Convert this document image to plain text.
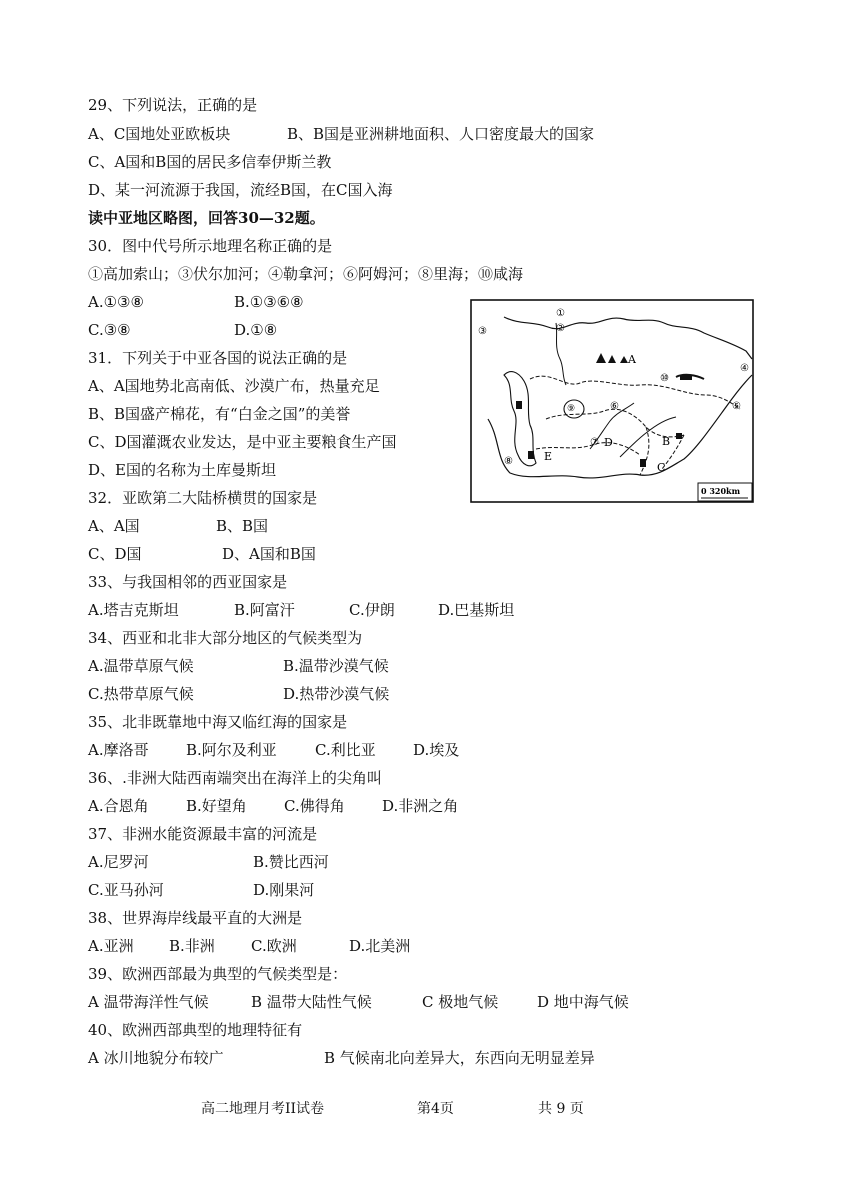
29、下列说法，正确的是
A、C国地处亚欧板块	B、B国是亚洲耕地面积、人口密度最大的国家
C、A国和B国的居民多信奉伊斯兰教
D、某一河流源于我国，流经B国，在C国入海
读中亚地区略图，回答30—32题。
30．图中代号所示地理名称正确的是
①高加索山；③伏尔加河；④勒拿河；⑥阿姆河；⑧里海；⑩咸海
A.①③⑧	B.①③⑥⑧
C.③⑧	D.①⑧
31．下列关于中亚各国的说法正确的是
A、A国地势北高南低、沙漠广布，热量充足
B、B国盛产棉花，有“白金之国”的美誉
C、D国灌溉农业发达，是中亚主要粮食生产国
D、E国的名称为土库曼斯坦
32．亚欧第二大陆桥横贯的国家是
A、A国	B、B国
C、D国	D、A国和B国
33、与我国相邻的西亚国家是
A.塔吉克斯坦	B.阿富汗	C.伊朗	D.巴基斯坦
34、西亚和北非大部分地区的气候类型为
A.温带草原气候	B.温带沙漠气候
C.热带草原气候	D.热带沙漠气候
35、北非既靠地中海又临红海的国家是
A.摩洛哥 B.阿尔及利亚	C.利比亚 D.埃及
36、.非洲大陆西南端突出在海洋上的尖角叫
A.合恩角 B.好望角 C.佛得角 D.非洲之角
37、非洲水能资源最丰富的河流是
A.尼罗河	B.赞比西河
C.亚马孙河	D.刚果河
38、世界海岸线最平直的大洲是
A.亚洲 B.非洲 C.欧洲	D.北美洲
39、欧洲西部最为典型的气候类型是：
A 温带海洋性气候	B 温带大陆性气候	C 极地气候	D 地中海气候
40、欧洲西部典型的地理特征有
A 冰川地貌分布较广	B 气候南北向差异大，东西向无明显差异
①
②
③
④
⑤
⑥
⑦
⑧
⑨
⑩
A
B
C
D
E
0 320km
高二地理月考II试卷	第4页	共 9 页
